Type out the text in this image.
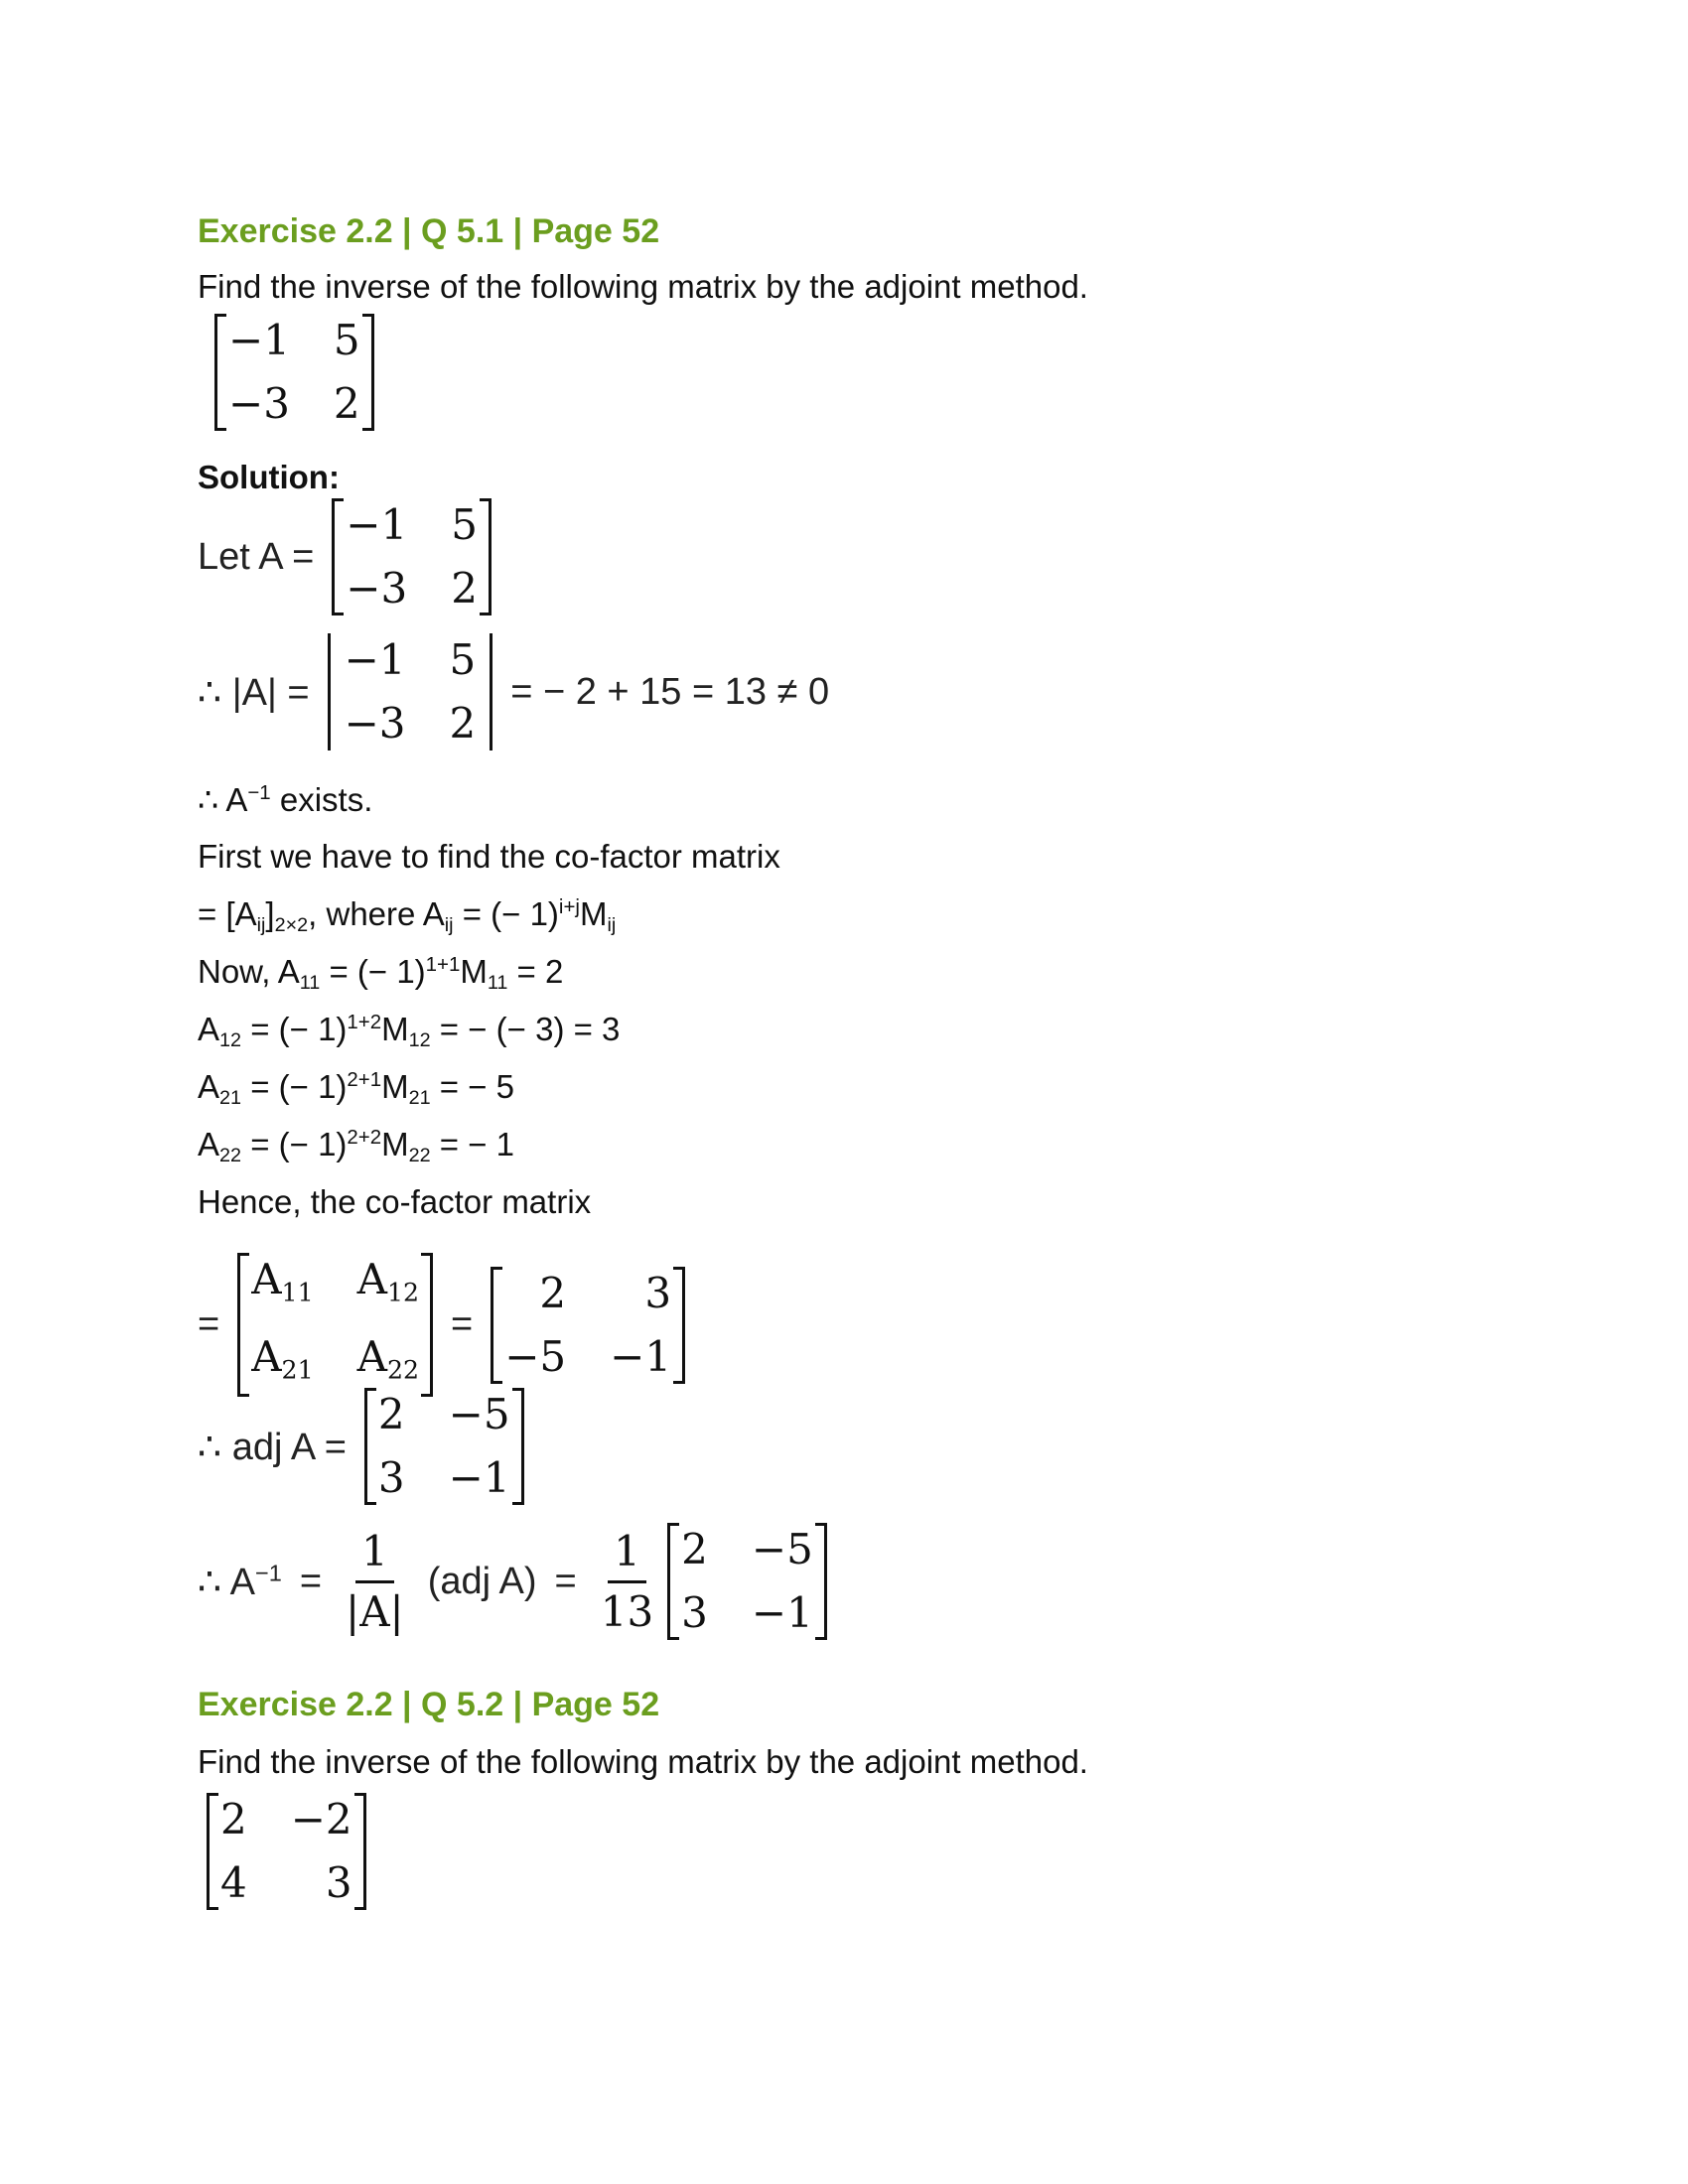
Exercise 2.2 | Q 5.1 | Page 52
Find the inverse of the following matrix by the adjoint method.
−1 5
−3 2
Solution:
Let A =
−1 5
−3 2
∴ |A| =
−1 5
−3 2
= − 2 + 15 = 13 ≠ 0
∴ $A^{-1}$ exists.
First we have to find the co-factor matrix
= [Aij]2×2, where Aij = (− 1)$^{i+j}$Mij
Now, A11 = (− 1)$^{1+1}$M11 = 2
A12 = (− 1)$^{1+2}$M12 = − (− 3) = 3
A21 = (− 1)$^{2+1}$M21 = − 5
A22 = (− 1)$^{2+2}$M22 = − 1
Hence, the co-factor matrix
=
A11 A12
A21 A22
=
2	3
−5 −1
∴ adj A =
2 −5
3 −1
∴ $A^{-1} = \frac{1}{|A|} (adj$ $A) = \frac{1}{13} 2 -5$
3 −1
Exercise 2.2 | Q 5.2 | Page 52
Find the inverse of the following matrix by the adjoint method.
2 −2
4	3
